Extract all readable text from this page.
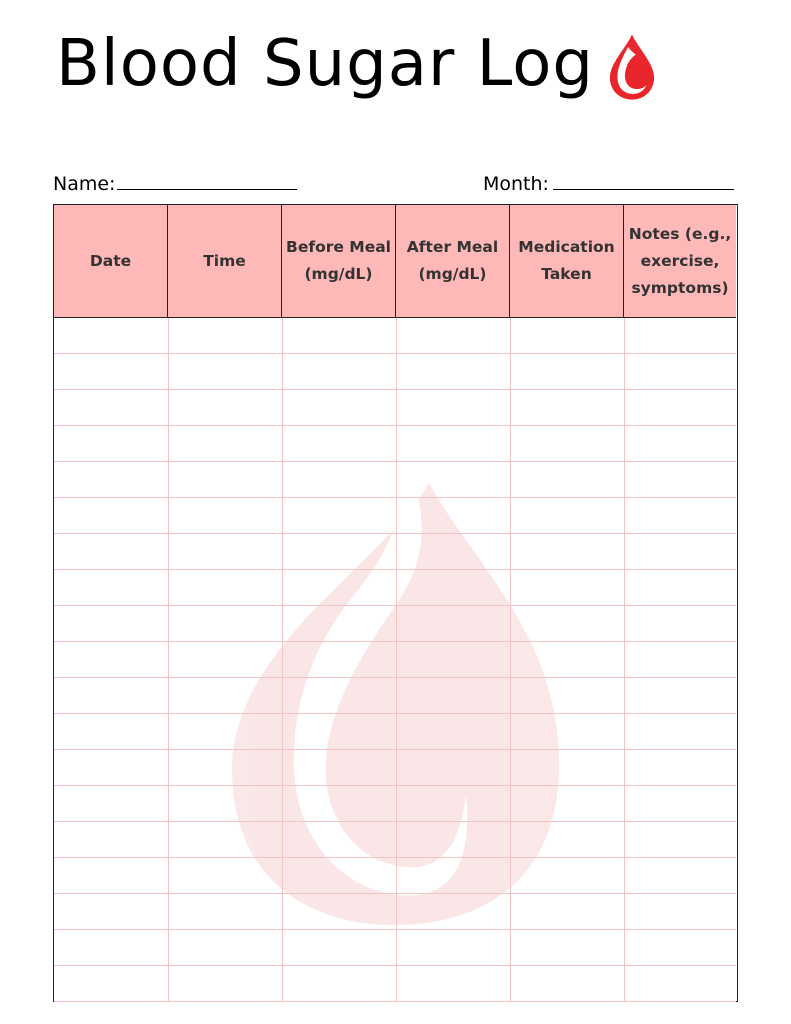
Blood Sugar Log
Name:	Month:
Date	Time
Before Meal
(mg/dL)
After Meal
(mg/dL)
Medication
Taken
Notes (e.g.,
exercise,
symptoms)
